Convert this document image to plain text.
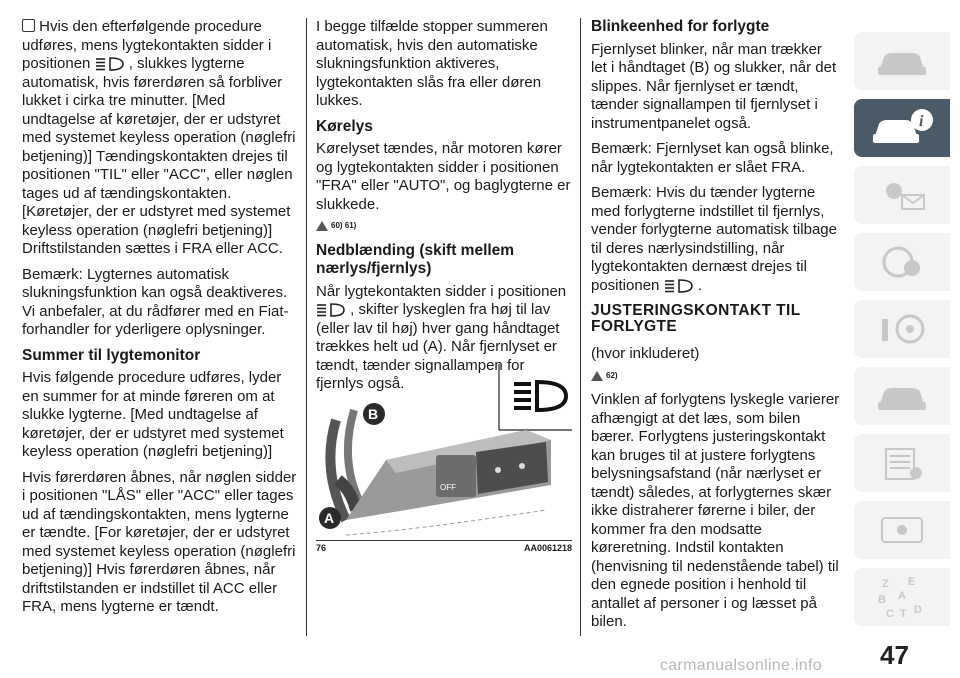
Hvis den efterfølgende procedure udføres, mens lygtekontakten sidder i positionen	, slukkes lygterne automatisk, hvis førerdøren så forbliver lukket i cirka tre minutter. [Med undtagelse af køretøjer, der er udstyret med systemet keyless operation (nøglefri betjening)] Tændingskontakten drejes til positionen "TIL" eller "ACC", eller nøglen tages ud af tændingskontakten. [Køretøjer, der er udstyret med systemet keyless operation (nøglefri betjening)] Driftstilstanden sættes i FRA eller ACC.

Bemærk: Lygternes automatisk slukningsfunktion kan også deaktiveres. Vi anbefaler, at du rådfører med en Fiat-forhandler for yderligere oplysninger.

Summer til lygtemonitor

Hvis følgende procedure udføres, lyder en summer for at minde føreren om at slukke lygterne. [Med undtagelse af køretøjer, der er udstyret med systemet keyless operation (nøglefri betjening)]

Hvis førerdøren åbnes, når nøglen sidder i positionen "LÅS" eller "ACC" eller tages ud af tændingskontakten, mens lygterne er tændte. [For køretøjer, der er udstyret med systemet keyless operation (nøglefri betjening)] Hvis førerdøren åbnes, når driftstilstanden er indstillet til ACC eller FRA, mens lygterne er tændt.

I begge tilfælde stopper summeren automatisk, hvis den automatiske slukningsfunktion aktiveres, lygtekontakten slås fra eller døren lukkes.

Kørelys

Kørelyset tændes, når motoren kører og lygtekontakten sidder i positionen "FRA" eller "AUTO", og baglygterne er slukkede.

60) 61)
Nedblænding (skift mellem nærlys/fjernlys)

Når lygtekontakten sidder i positionen  , skifter lyskeglen fra høj til lav (eller lav til høj) hver gang håndtaget trækkes helt ud (A). Når fjernlyset er tændt, tænder signallampen for fjernlys også.

OFF
B
A
76	AA0061218
Blinkeenhed for forlygte

Fjernlyset blinker, når man trækker let i håndtaget (B) og slukker, når det slippes. Når fjernlyset er tændt, tænder signallampen til fjernlyset i instrumentpanelet også.

Bemærk: Fjernlyset kan også blinke, når lygtekontakten er slået FRA.

Bemærk: Hvis du tænder lygterne med forlygterne indstillet til fjernlys, vender forlygterne automatisk tilbage til deres nærlysindstilling, når lygtekontakten dernæst drejes til positionen	.

JUSTERINGSKONTAKT TIL FORLYGTE

(hvor inkluderet)

62)

Vinklen af forlygtens lyskegle varierer afhængigt at det læs, som bilen bærer. Forlygtens justeringskontakt kan bruges til at justere forlygtens belysningsafstand (når nærlyset er tændt) således, at forlygternes skær ikke distraherer førerne i biler, der kommer fra den modsatte køreretning. Indstil kontakten (henvisning til nedenstående tabel) til den egnede position i henhold til antallet af personer i og læsset på bilen.

i
Z E
B A
C T D
47
carmanualsonline.info
